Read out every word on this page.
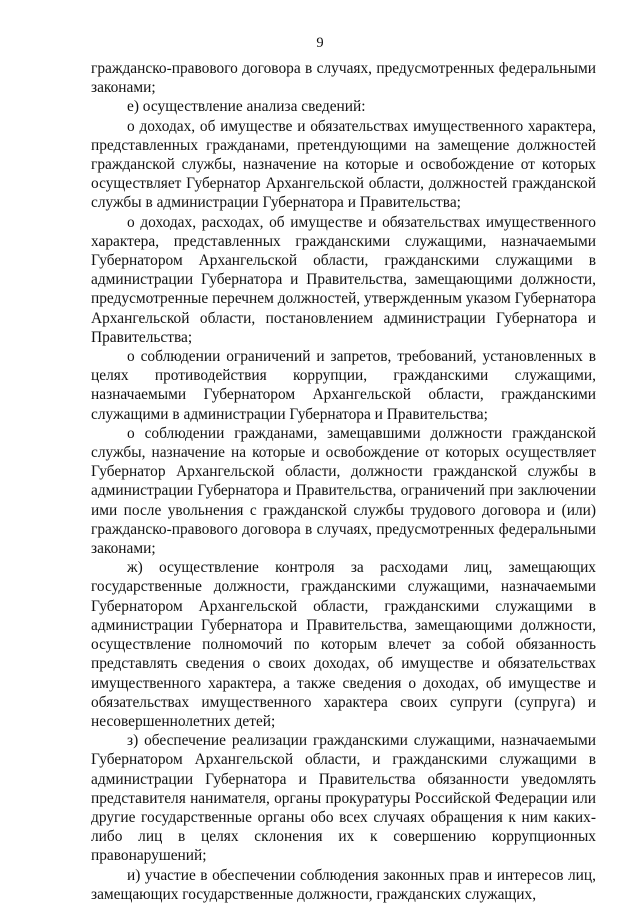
9

гражданско-правового договора в случаях, предусмотренных федеральными законами;

е) осуществление анализа сведений:

о доходах, об имуществе и обязательствах имущественного характера, представленных гражданами, претендующими на замещение должностей гражданской службы, назначение на которые и освобождение от которых осуществляет Губернатор Архангельской области, должностей гражданской службы в администрации Губернатора и Правительства;

о доходах, расходах, об имуществе и обязательствах имущественного характера, представленных гражданскими служащими, назначаемыми Губернатором Архангельской области, гражданскими служащими в администрации Губернатора и Правительства, замещающими должности, предусмотренные перечнем должностей, утвержденным указом Губернатора Архангельской области, постановлением администрации Губернатора и Правительства;

о соблюдении ограничений и запретов, требований, установленных в целях противодействия коррупции, гражданскими служащими, назначаемыми Губернатором Архангельской области, гражданскими служащими в администрации Губернатора и Правительства;

о соблюдении гражданами, замещавшими должности гражданской службы, назначение на которые и освобождение от которых осуществляет Губернатор Архангельской области, должности гражданской службы в администрации Губернатора и Правительства, ограничений при заключении ими после увольнения с гражданской службы трудового договора и (или) гражданско-правового договора в случаях, предусмотренных федеральными законами;

ж) осуществление контроля за расходами лиц, замещающих государственные должности, гражданскими служащими, назначаемыми Губернатором Архангельской области, гражданскими служащими в администрации Губернатора и Правительства, замещающими должности, осуществление полномочий по которым влечет за собой обязанность представлять сведения о своих доходах, об имуществе и обязательствах имущественного характера, а также сведения о доходах, об имуществе и обязательствах имущественного характера своих супруги (супруга) и несовершеннолетних детей;

з) обеспечение реализации гражданскими служащими, назначаемыми Губернатором Архангельской области, и гражданскими служащими в администрации Губернатора и Правительства обязанности уведомлять представителя нанимателя, органы прокуратуры Российской Федерации или другие государственные органы обо всех случаях обращения к ним каких-либо лиц в целях склонения их к совершению коррупционных правонарушений;

и) участие в обеспечении соблюдения законных прав и интересов лиц, замещающих государственные должности, гражданских служащих,
